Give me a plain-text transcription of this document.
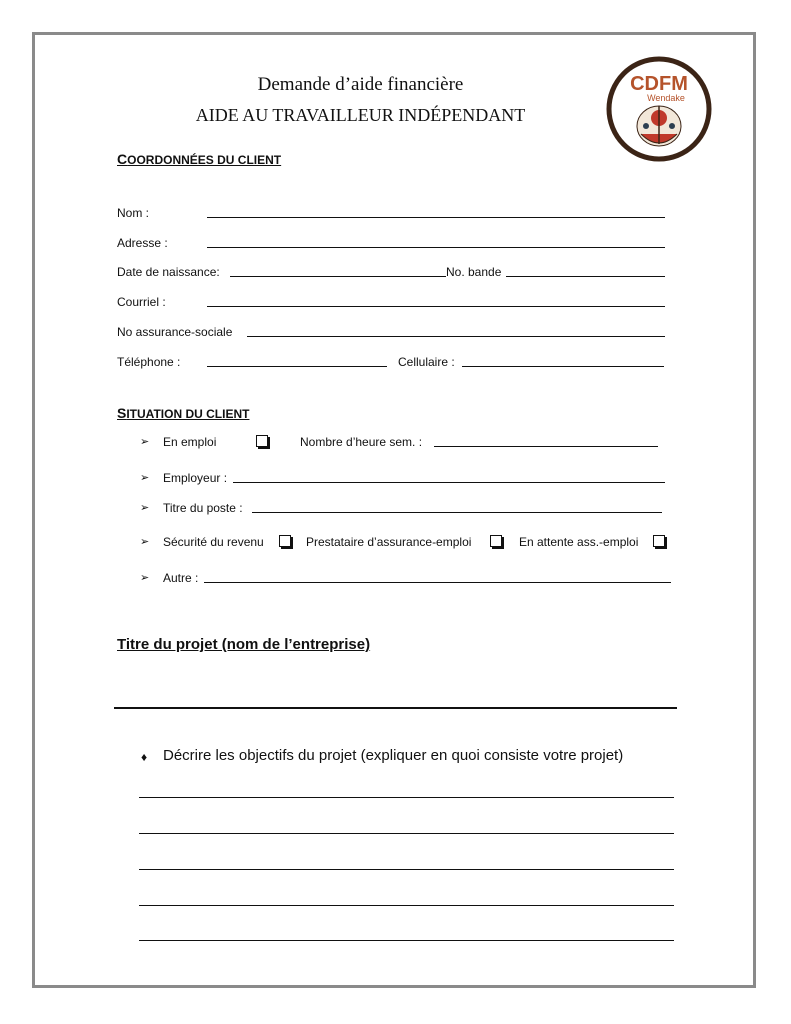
Demande d’aide financière
AIDE AU TRAVAILLEUR INDÉPENDANT
CDFM
Wendake
COORDONNÉES DU CLIENT
Nom :
Adresse :
Date de naissance:	No. bande
Courriel :
No assurance-sociale
Téléphone :	Cellulaire :
SITUATION DU CLIENT
➢ En emploi	Nombre d’heure sem. :
➢ Employeur :
➢ Titre du poste :
➢ Sécurité du revenu	Prestataire d’assurance-emploi	En attente ass.-emploi
➢ Autre :
Titre du projet (nom de l’entreprise)
♦ Décrire les objectifs du projet (expliquer en quoi consiste votre projet)
